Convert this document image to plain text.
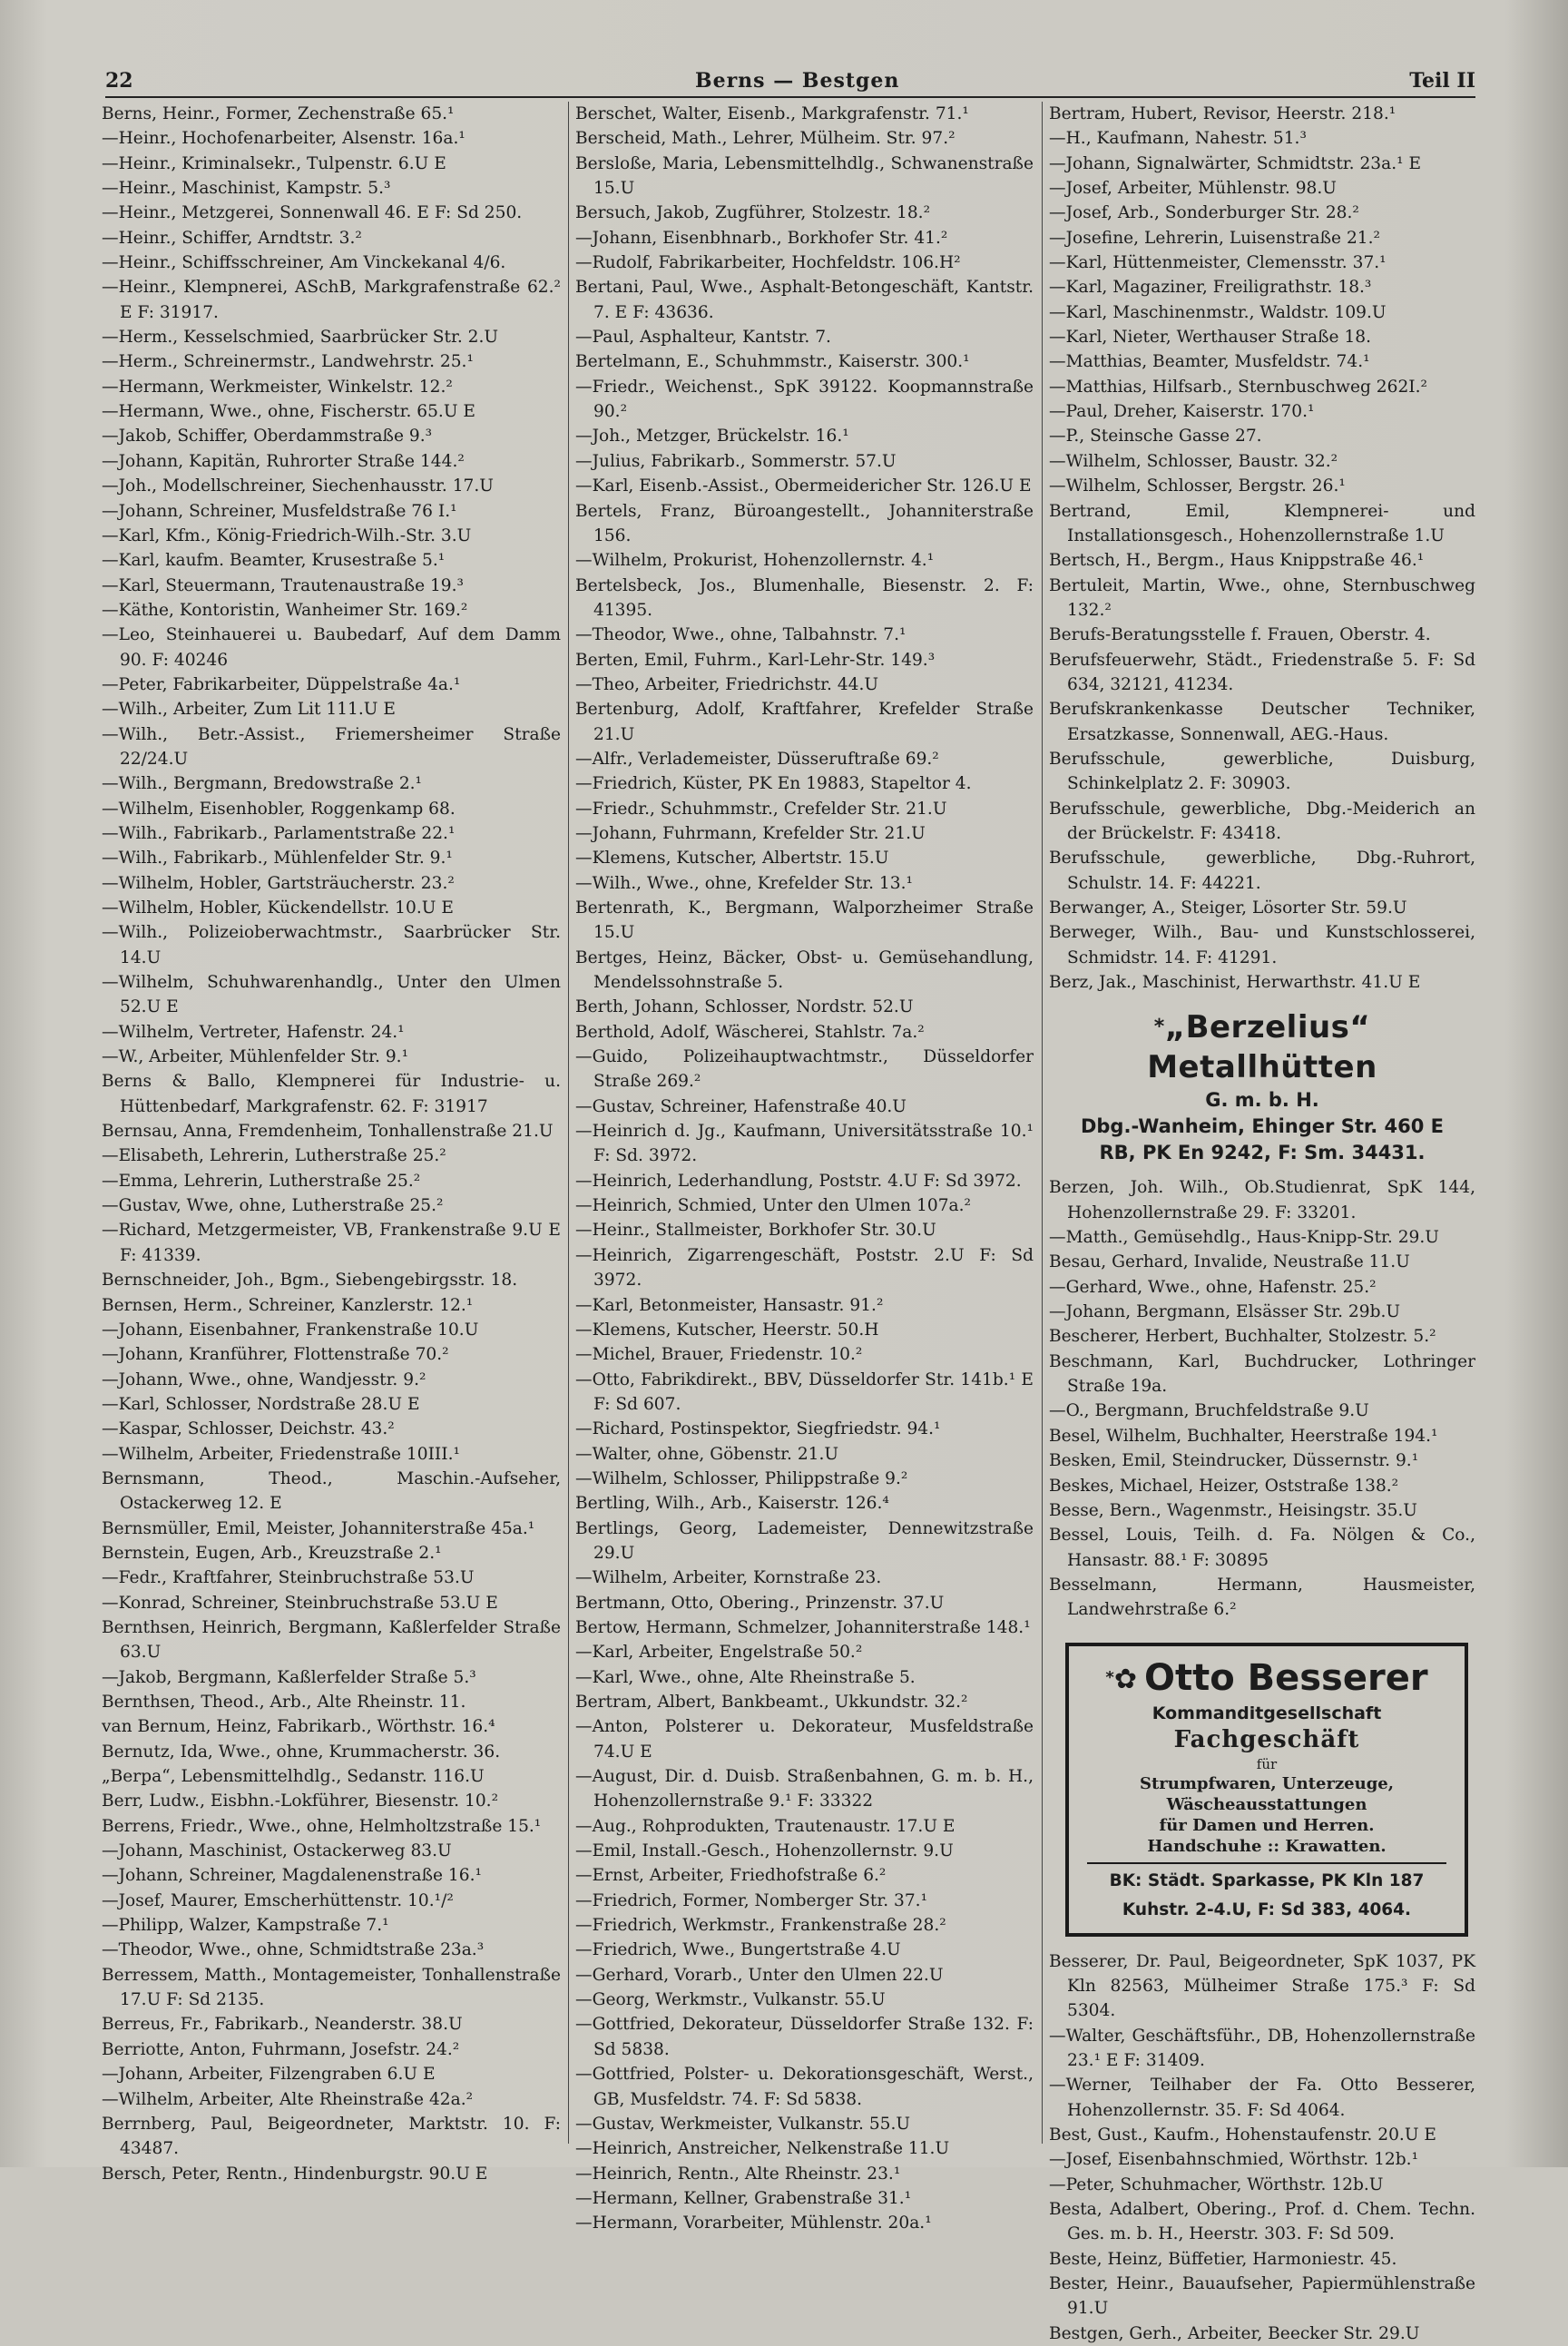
22	Berns — Bestgen	Teil II

Berns, Heinr., Former, Zechenstraße 65.¹

—Heinr., Hochofenarbeiter, Alsenstr. 16a.¹

—Heinr., Kriminalsekr., Tulpenstr. 6.U E

—Heinr., Maschinist, Kampstr. 5.³

—Heinr., Metzgerei, Sonnenwall 46. E F: Sd 250.

—Heinr., Schiffer, Arndtstr. 3.²

—Heinr., Schiffsschreiner, Am Vinckekanal 4/6.

—Heinr., Klempnerei, ASchB, Markgrafenstraße 62.² E F: 31917.

—Herm., Kesselschmied, Saarbrücker Str. 2.U

—Herm., Schreinermstr., Landwehrstr. 25.¹

—Hermann, Werkmeister, Winkelstr. 12.²

—Hermann, Wwe., ohne, Fischerstr. 65.U E

—Jakob, Schiffer, Oberdammstraße 9.³

—Johann, Kapitän, Ruhrorter Straße 144.²

—Joh., Modellschreiner, Siechenhausstr. 17.U

—Johann, Schreiner, Musfeldstraße 76 I.¹

—Karl, Kfm., König-Friedrich-Wilh.-Str. 3.U

—Karl, kaufm. Beamter, Krusestraße 5.¹

—Karl, Steuermann, Trautenaustraße 19.³

—Käthe, Kontoristin, Wanheimer Str. 169.²

—Leo, Steinhauerei u. Baubedarf, Auf dem Damm 90. F: 40246

—Peter, Fabrikarbeiter, Düppelstraße 4a.¹

—Wilh., Arbeiter, Zum Lit 111.U E

—Wilh., Betr.-Assist., Friemersheimer Straße 22/24.U

—Wilh., Bergmann, Bredowstraße 2.¹

—Wilhelm, Eisenhobler, Roggenkamp 68.

—Wilh., Fabrikarb., Parlamentstraße 22.¹

—Wilh., Fabrikarb., Mühlenfelder Str. 9.¹

—Wilhelm, Hobler, Gartsträucherstr. 23.²

—Wilhelm, Hobler, Kückendellstr. 10.U E

—Wilh., Polizeioberwachtmstr., Saarbrücker Str. 14.U

—Wilhelm, Schuhwarenhandlg., Unter den Ulmen 52.U E

—Wilhelm, Vertreter, Hafenstr. 24.¹

—W., Arbeiter, Mühlenfelder Str. 9.¹

Berns & Ballo, Klempnerei für Industrie- u. Hüttenbedarf, Markgrafenstr. 62. F: 31917

Bernsau, Anna, Fremdenheim, Tonhallenstraße 21.U

—Elisabeth, Lehrerin, Lutherstraße 25.²

—Emma, Lehrerin, Lutherstraße 25.²

—Gustav, Wwe, ohne, Lutherstraße 25.²

—Richard, Metzgermeister, VB, Frankenstraße 9.U E F: 41339.

Bernschneider, Joh., Bgm., Siebengebirgsstr. 18.

Bernsen, Herm., Schreiner, Kanzlerstr. 12.¹

—Johann, Eisenbahner, Frankenstraße 10.U

—Johann, Kranführer, Flottenstraße 70.²

—Johann, Wwe., ohne, Wandjesstr. 9.²

—Karl, Schlosser, Nordstraße 28.U E

—Kaspar, Schlosser, Deichstr. 43.²

—Wilhelm, Arbeiter, Friedenstraße 10III.¹

Bernsmann, Theod., Maschin.-Aufseher, Ostackerweg 12. E

Bernsmüller, Emil, Meister, Johanniterstraße 45a.¹

Bernstein, Eugen, Arb., Kreuzstraße 2.¹

—Fedr., Kraftfahrer, Steinbruchstraße 53.U

—Konrad, Schreiner, Steinbruchstraße 53.U E

Bernthsen, Heinrich, Bergmann, Kaßlerfelder Straße 63.U

—Jakob, Bergmann, Kaßlerfelder Straße 5.³

Bernthsen, Theod., Arb., Alte Rheinstr. 11.

van Bernum, Heinz, Fabrikarb., Wörthstr. 16.⁴

Bernutz, Ida, Wwe., ohne, Krummacherstr. 36.

„Berpa“, Lebensmittelhdlg., Sedanstr. 116.U

Berr, Ludw., Eisbhn.-Lokführer, Biesenstr. 10.²

Berrens, Friedr., Wwe., ohne, Helmholtzstraße 15.¹

—Johann, Maschinist, Ostackerweg 83.U

—Johann, Schreiner, Magdalenenstraße 16.¹

—Josef, Maurer, Emscherhüttenstr. 10.¹/²

—Philipp, Walzer, Kampstraße 7.¹

—Theodor, Wwe., ohne, Schmidtstraße 23a.³

Berressem, Matth., Montagemeister, Tonhallenstraße 17.U F: Sd 2135.

Berreus, Fr., Fabrikarb., Neanderstr. 38.U

Berriotte, Anton, Fuhrmann, Josefstr. 24.²

—Johann, Arbeiter, Filzengraben 6.U E

—Wilhelm, Arbeiter, Alte Rheinstraße 42a.²

Berrnberg, Paul, Beigeordneter, Marktstr. 10. F: 43487.

Bersch, Peter, Rentn., Hindenburgstr. 90.U E

Berschet, Walter, Eisenb., Markgrafenstr. 71.¹

Berscheid, Math., Lehrer, Mülheim. Str. 97.²

Bersloße, Maria, Lebensmittelhdlg., Schwanenstraße 15.U

Bersuch, Jakob, Zugführer, Stolzestr. 18.²

—Johann, Eisenbhnarb., Borkhofer Str. 41.²

—Rudolf, Fabrikarbeiter, Hochfeldstr. 106.H²

Bertani, Paul, Wwe., Asphalt-Betongeschäft, Kantstr. 7. E F: 43636.

—Paul, Asphalteur, Kantstr. 7.

Bertelmann, E., Schuhmmstr., Kaiserstr. 300.¹

—Friedr., Weichenst., SpK 39122. Koopmannstraße 90.²

—Joh., Metzger, Brückelstr. 16.¹

—Julius, Fabrikarb., Sommerstr. 57.U

—Karl, Eisenb.-Assist., Obermeidericher Str. 126.U E

Bertels, Franz, Büroangestellt., Johanniterstraße 156.

—Wilhelm, Prokurist, Hohenzollernstr. 4.¹

Bertelsbeck, Jos., Blumenhalle, Biesenstr. 2. F: 41395.

—Theodor, Wwe., ohne, Talbahnstr. 7.¹

Berten, Emil, Fuhrm., Karl-Lehr-Str. 149.³

—Theo, Arbeiter, Friedrichstr. 44.U

Bertenburg, Adolf, Kraftfahrer, Krefelder Straße 21.U

—Alfr., Verlademeister, Düsseruftraße 69.²

—Friedrich, Küster, PK En 19883, Stapeltor 4.

—Friedr., Schuhmmstr., Crefelder Str. 21.U

—Johann, Fuhrmann, Krefelder Str. 21.U

—Klemens, Kutscher, Albertstr. 15.U

—Wilh., Wwe., ohne, Krefelder Str. 13.¹

Bertenrath, K., Bergmann, Walporzheimer Straße 15.U

Bertges, Heinz, Bäcker, Obst- u. Gemüsehandlung, Mendelssohnstraße 5.

Berth, Johann, Schlosser, Nordstr. 52.U

Berthold, Adolf, Wäscherei, Stahlstr. 7a.²

—Guido, Polizeihauptwachtmstr., Düsseldorfer Straße 269.²

—Gustav, Schreiner, Hafenstraße 40.U

—Heinrich d. Jg., Kaufmann, Universitätsstraße 10.¹ F: Sd. 3972.

—Heinrich, Lederhandlung, Poststr. 4.U F: Sd 3972.

—Heinrich, Schmied, Unter den Ulmen 107a.²

—Heinr., Stallmeister, Borkhofer Str. 30.U

—Heinrich, Zigarrengeschäft, Poststr. 2.U F: Sd 3972.

—Karl, Betonmeister, Hansastr. 91.²

—Klemens, Kutscher, Heerstr. 50.H

—Michel, Brauer, Friedenstr. 10.²

—Otto, Fabrikdirekt., BBV, Düsseldorfer Str. 141b.¹ E F: Sd 607.

—Richard, Postinspektor, Siegfriedstr. 94.¹

—Walter, ohne, Göbenstr. 21.U

—Wilhelm, Schlosser, Philippstraße 9.²

Bertling, Wilh., Arb., Kaiserstr. 126.⁴

Bertlings, Georg, Lademeister, Dennewitzstraße 29.U

—Wilhelm, Arbeiter, Kornstraße 23.

Bertmann, Otto, Obering., Prinzenstr. 37.U

Bertow, Hermann, Schmelzer, Johanniterstraße 148.¹

—Karl, Arbeiter, Engelstraße 50.²

—Karl, Wwe., ohne, Alte Rheinstraße 5.

Bertram, Albert, Bankbeamt., Ukkundstr. 32.²

—Anton, Polsterer u. Dekorateur, Musfeldstraße 74.U E

—August, Dir. d. Duisb. Straßenbahnen, G. m. b. H., Hohenzollernstraße 9.¹ F: 33322

—Aug., Rohprodukten, Trautenaustr. 17.U E

—Emil, Install.-Gesch., Hohenzollernstr. 9.U

—Ernst, Arbeiter, Friedhofstraße 6.²

—Friedrich, Former, Nomberger Str. 37.¹

—Friedrich, Werkmstr., Frankenstraße 28.²

—Friedrich, Wwe., Bungertstraße 4.U

—Gerhard, Vorarb., Unter den Ulmen 22.U

—Georg, Werkmstr., Vulkanstr. 55.U

—Gottfried, Dekorateur, Düsseldorfer Straße 132. F: Sd 5838.

—Gottfried, Polster- u. Dekorationsgeschäft, Werst., GB, Musfeldstr. 74. F: Sd 5838.

—Gustav, Werkmeister, Vulkanstr. 55.U

—Heinrich, Anstreicher, Nelkenstraße 11.U

—Heinrich, Rentn., Alte Rheinstr. 23.¹

—Hermann, Kellner, Grabenstraße 31.¹

—Hermann, Vorarbeiter, Mühlenstr. 20a.¹

Bertram, Hubert, Revisor, Heerstr. 218.¹

—H., Kaufmann, Nahestr. 51.³

—Johann, Signalwärter, Schmidtstr. 23a.¹ E

—Josef, Arbeiter, Mühlenstr. 98.U

—Josef, Arb., Sonderburger Str. 28.²

—Josefine, Lehrerin, Luisenstraße 21.²

—Karl, Hüttenmeister, Clemensstr. 37.¹

—Karl, Magaziner, Freiligrathstr. 18.³

—Karl, Maschinenmstr., Waldstr. 109.U

—Karl, Nieter, Werthauser Straße 18.

—Matthias, Beamter, Musfeldstr. 74.¹

—Matthias, Hilfsarb., Sternbuschweg 262I.²

—Paul, Dreher, Kaiserstr. 170.¹

—P., Steinsche Gasse 27.

—Wilhelm, Schlosser, Baustr. 32.²

—Wilhelm, Schlosser, Bergstr. 26.¹

Bertrand, Emil, Klempnerei- und Installationsgesch., Hohenzollernstraße 1.U

Bertsch, H., Bergm., Haus Knippstraße 46.¹

Bertuleit, Martin, Wwe., ohne, Sternbuschweg 132.²

Berufs-Beratungsstelle f. Frauen, Oberstr. 4.

Berufsfeuerwehr, Städt., Friedenstraße 5. F: Sd 634, 32121, 41234.

Berufskrankenkasse Deutscher Techniker, Ersatzkasse, Sonnenwall, AEG.-Haus.

Berufsschule, gewerbliche, Duisburg, Schinkelplatz 2. F: 30903.

Berufsschule, gewerbliche, Dbg.-Meiderich an der Brückelstr. F: 43418.

Berufsschule, gewerbliche, Dbg.-Ruhrort, Schulstr. 14. F: 44221.

Berwanger, A., Steiger, Lösorter Str. 59.U

Berweger, Wilh., Bau- und Kunstschlosserei, Schmidstr. 14. F: 41291.

Berz, Jak., Maschinist, Herwarthstr. 41.U E

*„Berzelius“ Metallhütten
G. m. b. H.
Dbg.-Wanheim, Ehinger Str. 460 E
RB, PK En 9242, F: Sm. 34431.

Berzen, Joh. Wilh., Ob.Studienrat, SpK 144, Hohenzollernstraße 29. F: 33201.

—Matth., Gemüsehdlg., Haus-Knipp-Str. 29.U

Besau, Gerhard, Invalide, Neustraße 11.U

—Gerhard, Wwe., ohne, Hafenstr. 25.²

—Johann, Bergmann, Elsässer Str. 29b.U

Bescherer, Herbert, Buchhalter, Stolzestr. 5.²

Beschmann, Karl, Buchdrucker, Lothringer Straße 19a.

—O., Bergmann, Bruchfeldstraße 9.U

Besel, Wilhelm, Buchhalter, Heerstraße 194.¹

Besken, Emil, Steindrucker, Düssernstr. 9.¹

Beskes, Michael, Heizer, Oststraße 138.²

Besse, Bern., Wagenmstr., Heisingstr. 35.U

Bessel, Louis, Teilh. d. Fa. Nölgen & Co., Hansastr. 88.¹ F: 30895

Besselmann, Hermann, Hausmeister, Landwehrstraße 6.²

*✿ Otto Besserer
Kommanditgesellschaft
Fachgeschäft
für
Strumpfwaren, Unterzeuge,
Wäscheausstattungen
für Damen und Herren.
Handschuhe :: Krawatten.
BK: Städt. Sparkasse, PK Kln 187
Kuhstr. 2-4.U, F: Sd 383, 4064.

Besserer, Dr. Paul, Beigeordneter, SpK 1037, PK Kln 82563, Mülheimer Straße 175.³ F: Sd 5304.

—Walter, Geschäftsführ., DB, Hohenzollernstraße 23.¹ E F: 31409.

—Werner, Teilhaber der Fa. Otto Besserer, Hohenzollernstr. 35. F: Sd 4064.

Best, Gust., Kaufm., Hohenstaufenstr. 20.U E

—Josef, Eisenbahnschmied, Wörthstr. 12b.¹

—Peter, Schuhmacher, Wörthstr. 12b.U

Besta, Adalbert, Obering., Prof. d. Chem. Techn. Ges. m. b. H., Heerstr. 303. F: Sd 509.

Beste, Heinz, Büffetier, Harmoniestr. 45.

Bester, Heinr., Bauaufseher, Papiermühlenstraße 91.U

Bestgen, Gerh., Arbeiter, Beecker Str. 29.U
